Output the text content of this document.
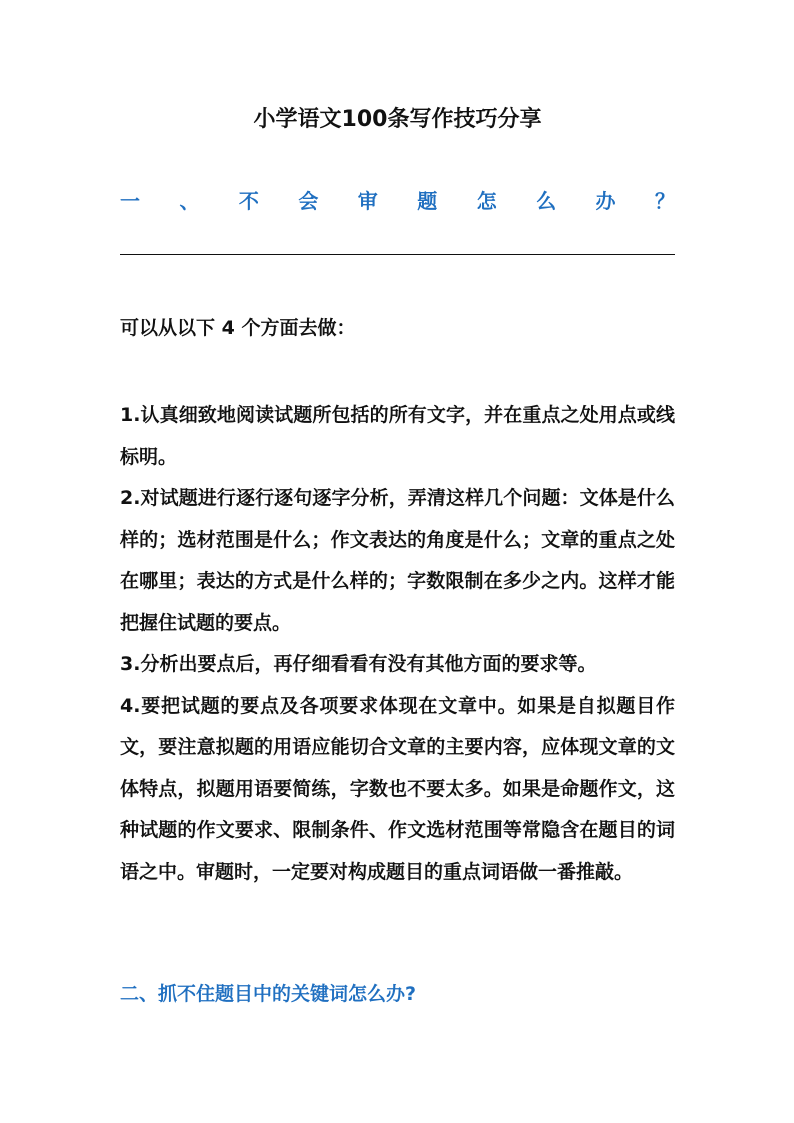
小学语文100条写作技巧分享
一 、 不 会 审 题 怎 么 办 ？
可以从以下 4 个方面去做：

1.认真细致地阅读试题所包括的所有文字，并在重点之处用点或线标明。

2.对试题进行逐行逐句逐字分析，弄清这样几个问题：文体是什么样的；选材范围是什么；作文表达的角度是什么；文章的重点之处在哪里；表达的方式是什么样的；字数限制在多少之内。这样才能把握住试题的要点。

3.分析出要点后，再仔细看看有没有其他方面的要求等。

4.要把试题的要点及各项要求体现在文章中。如果是自拟题目作文，要注意拟题的用语应能切合文章的主要内容，应体现文章的文体特点，拟题用语要简练，字数也不要太多。如果是命题作文，这种试题的作文要求、限制条件、作文选材范围等常隐含在题目的词语之中。审题时，一定要对构成题目的重点词语做一番推敲。

二、抓不住题目中的关键词怎么办?
